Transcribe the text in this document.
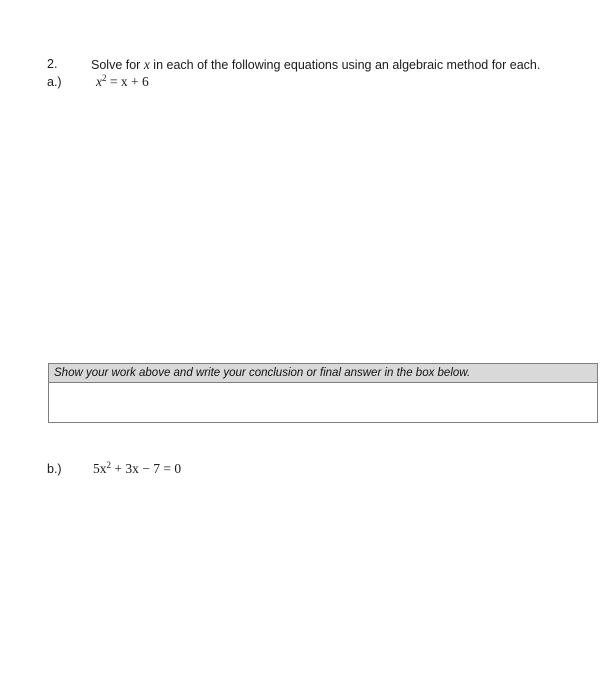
2.	Solve for x in each of the following equations using an algebraic method for each.
a.)	$x^2 = x + 6$
Show your work above and write your conclusion or final answer in the box below.
b.) $5x^2 + 3x - 7 = 0$
